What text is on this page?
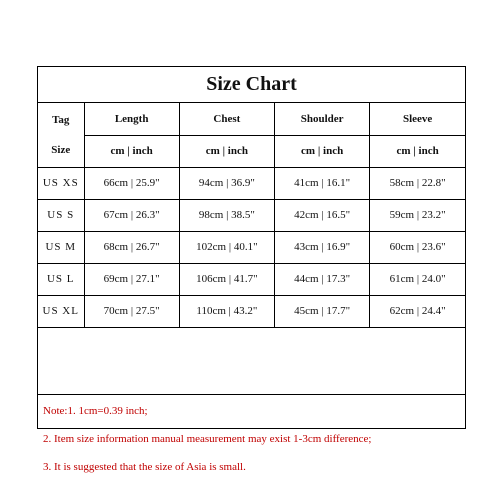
Size Chart
Tag
Size	Length	Chest	Shoulder	Sleeve
	cm | inch	cm | inch	cm | inch	cm | inch
US XS	66cm | 25.9"	94cm | 36.9"	41cm | 16.1"	58cm | 22.8"
US S	67cm | 26.3"	98cm | 38.5"	42cm | 16.5"	59cm | 23.2"
US M	68cm | 26.7"	102cm | 40.1"	43cm | 16.9"	60cm | 23.6"
US L	69cm | 27.1"	106cm | 41.7"	44cm | 17.3"	61cm | 24.0"
US XL	70cm | 27.5"	110cm | 43.2"	45cm | 17.7"	62cm | 24.4"
Note:1. 1cm=0.39 inch;
2. Item size information manual measurement may exist 1-3cm difference;
3. It is suggested that the size of Asia is small.
